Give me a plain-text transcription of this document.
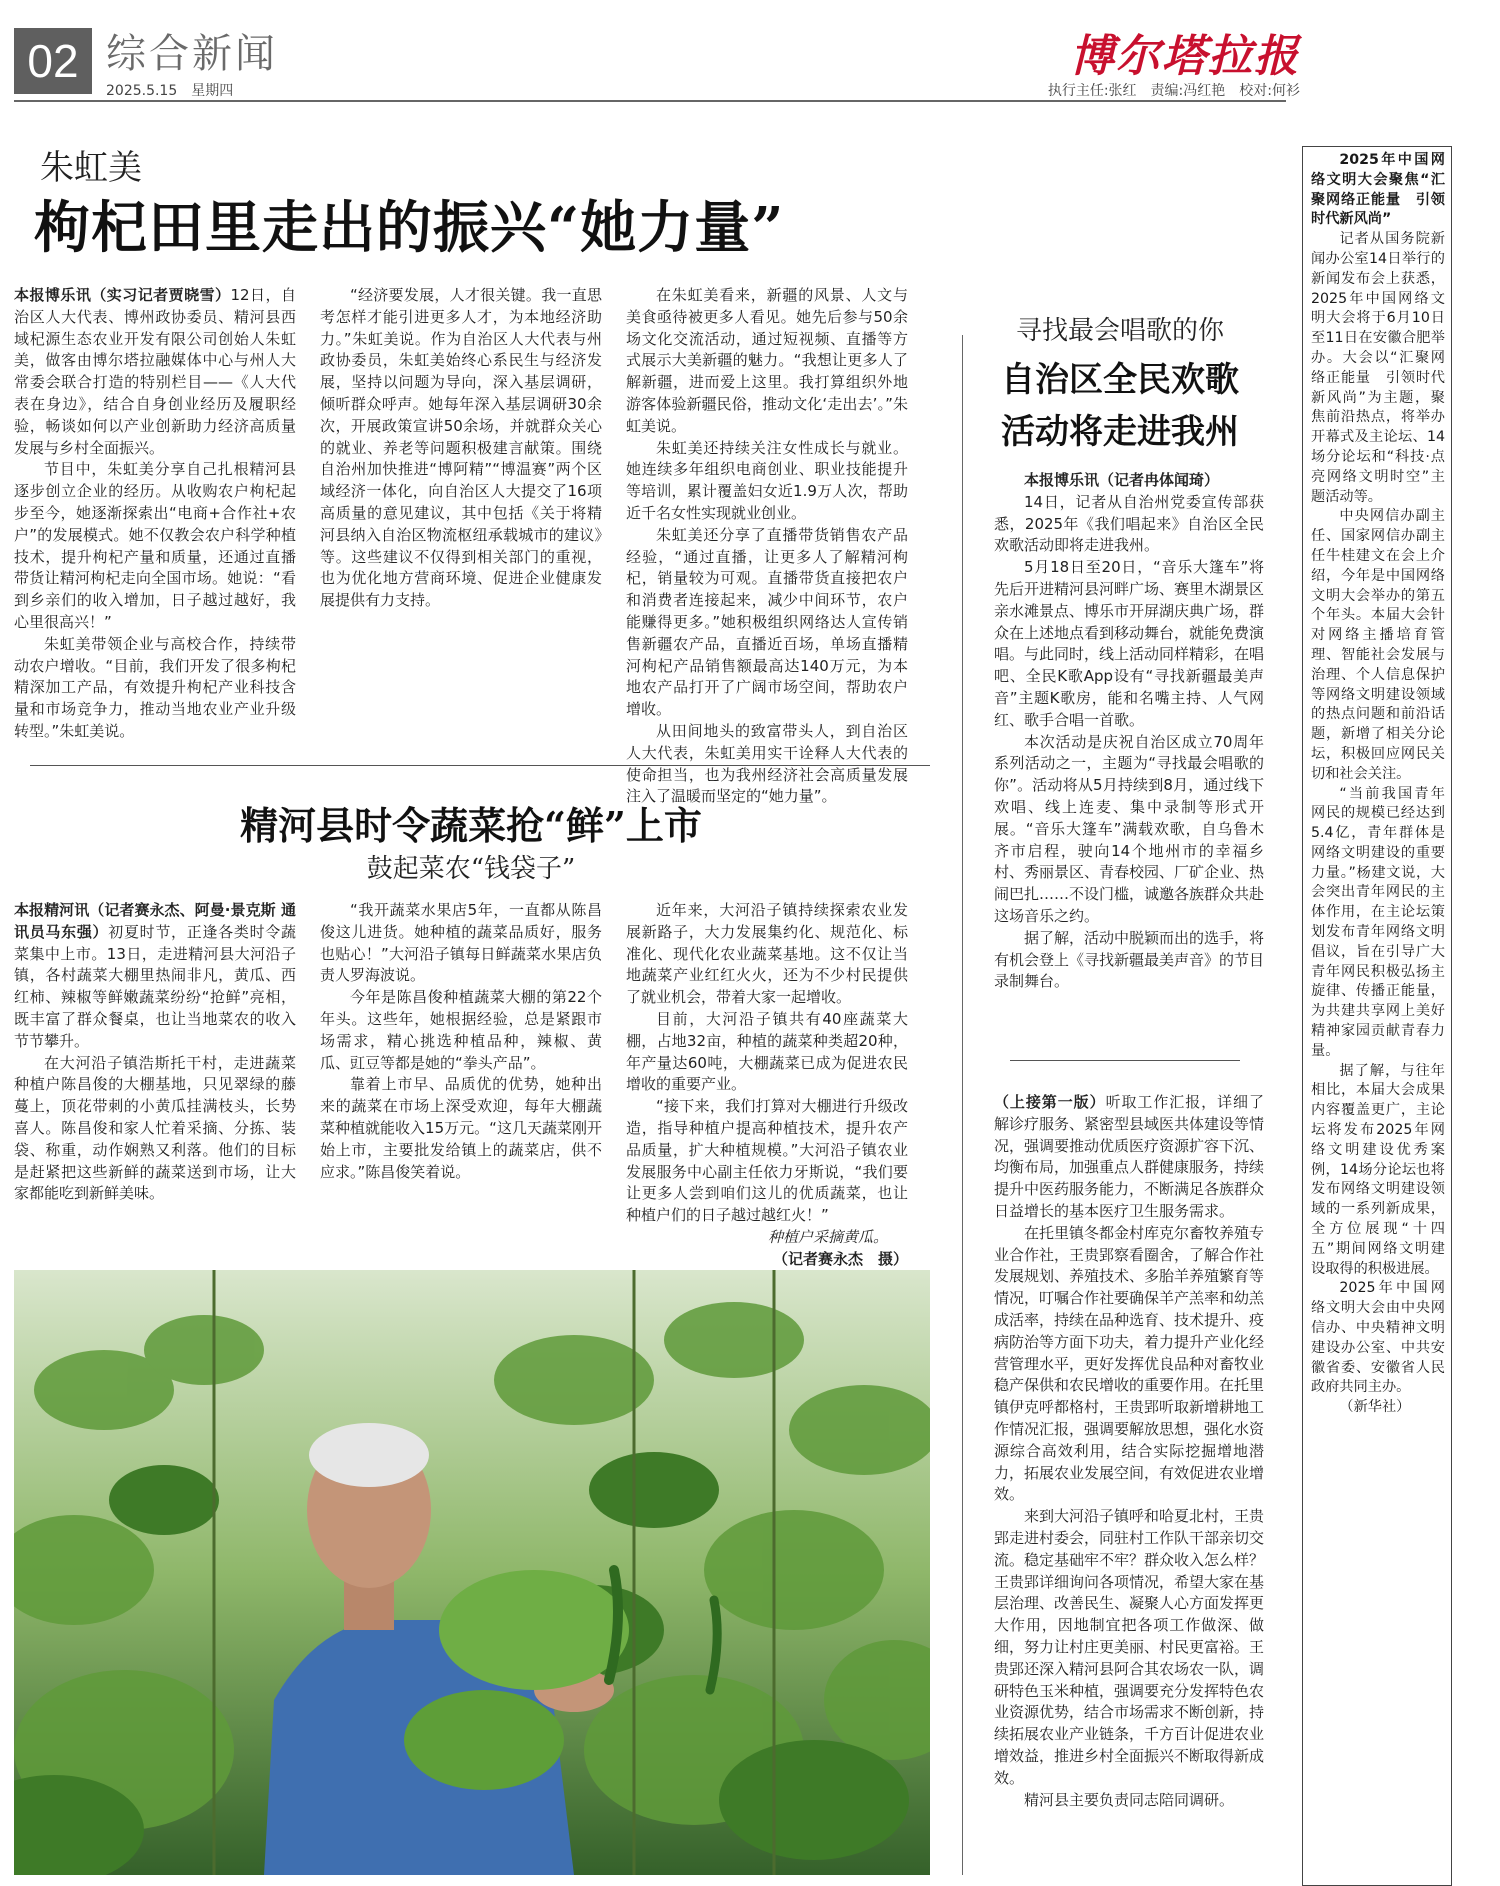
02 综合新闻
2025.5.15　星期四
博尔塔拉报
执行主任:张红　责编:冯红艳　校对:何衫
朱虹美
枸杞田里走出的振兴“她力量”

本报博乐讯（实习记者贾晓雪）12日，自治区人大代表、博州政协委员、精河县西域杞源生态农业开发有限公司创始人朱虹美，做客由博尔塔拉融媒体中心与州人大常委会联合打造的特别栏目——《人大代表在身边》，结合自身创业经历及履职经验，畅谈如何以产业创新助力经济高质量发展与乡村全面振兴。

节目中，朱虹美分享自己扎根精河县逐步创立企业的经历。从收购农户枸杞起步至今，她逐渐探索出“电商+合作社+农户”的发展模式。她不仅教会农户科学种植技术，提升枸杞产量和质量，还通过直播带货让精河枸杞走向全国市场。她说：“看到乡亲们的收入增加，日子越过越好，我心里很高兴！”

朱虹美带领企业与高校合作，持续带动农户增收。“目前，我们开发了很多枸杞精深加工产品，有效提升枸杞产业科技含量和市场竞争力，推动当地农业产业升级转型。”朱虹美说。

“经济要发展，人才很关键。我一直思考怎样才能引进更多人才，为本地经济助力。”朱虹美说。作为自治区人大代表与州政协委员，朱虹美始终心系民生与经济发展，坚持以问题为导向，深入基层调研，倾听群众呼声。她每年深入基层调研30余次，开展政策宣讲50余场，并就群众关心的就业、养老等问题积极建言献策。围绕自治州加快推进“博阿精”“博温赛”两个区域经济一体化，向自治区人大提交了16项高质量的意见建议，其中包括《关于将精河县纳入自治区物流枢纽承载城市的建议》等。这些建议不仅得到相关部门的重视，也为优化地方营商环境、促进企业健康发展提供有力支持。

在朱虹美看来，新疆的风景、人文与美食亟待被更多人看见。她先后参与50余场文化交流活动，通过短视频、直播等方式展示大美新疆的魅力。“我想让更多人了解新疆，进而爱上这里。我打算组织外地游客体验新疆民俗，推动文化‘走出去’。”朱虹美说。

朱虹美还持续关注女性成长与就业。她连续多年组织电商创业、职业技能提升等培训，累计覆盖妇女近1.9万人次，帮助近千名女性实现就业创业。

朱虹美还分享了直播带货销售农产品经验，“通过直播，让更多人了解精河枸杞，销量较为可观。直播带货直接把农户和消费者连接起来，减少中间环节，农户能赚得更多。”她积极组织网络达人宣传销售新疆农产品，直播近百场，单场直播精河枸杞产品销售额最高达140万元，为本地农产品打开了广阔市场空间，帮助农户增收。

从田间地头的致富带头人，到自治区人大代表，朱虹美用实干诠释人大代表的使命担当，也为我州经济社会高质量发展注入了温暖而坚定的“她力量”。

精河县时令蔬菜抢“鲜”上市
鼓起菜农“钱袋子”

本报精河讯（记者赛永杰、阿曼·景克斯 通讯员马东强）初夏时节，正逢各类时令蔬菜集中上市。13日，走进精河县大河沿子镇，各村蔬菜大棚里热闹非凡，黄瓜、西红柿、辣椒等鲜嫩蔬菜纷纷“抢鲜”亮相，既丰富了群众餐桌，也让当地菜农的收入节节攀升。

在大河沿子镇浩斯托干村，走进蔬菜种植户陈昌俊的大棚基地，只见翠绿的藤蔓上，顶花带刺的小黄瓜挂满枝头，长势喜人。陈昌俊和家人忙着采摘、分拣、装袋、称重，动作娴熟又利落。他们的目标是赶紧把这些新鲜的蔬菜送到市场，让大家都能吃到新鲜美味。

“我开蔬菜水果店5年，一直都从陈昌俊这儿进货。她种植的蔬菜品质好，服务也贴心！”大河沿子镇每日鲜蔬菜水果店负责人罗海波说。

今年是陈昌俊种植蔬菜大棚的第22个年头。这些年，她根据经验，总是紧跟市场需求，精心挑选种植品种，辣椒、黄瓜、豇豆等都是她的“拳头产品”。

靠着上市早、品质优的优势，她种出来的蔬菜在市场上深受欢迎，每年大棚蔬菜种植就能收入15万元。“这几天蔬菜刚开始上市，主要批发给镇上的蔬菜店，供不应求。”陈昌俊笑着说。

近年来，大河沿子镇持续探索农业发展新路子，大力发展集约化、规范化、标准化、现代化农业蔬菜基地。这不仅让当地蔬菜产业红红火火，还为不少村民提供了就业机会，带着大家一起增收。

目前，大河沿子镇共有40座蔬菜大棚，占地32亩，种植的蔬菜种类超20种，年产量达60吨，大棚蔬菜已成为促进农民增收的重要产业。

“接下来，我们打算对大棚进行升级改造，指导种植户提高种植技术，提升农产品质量，扩大种植规模。”大河沿子镇农业发展服务中心副主任依力牙斯说，“我们要让更多人尝到咱们这儿的优质蔬菜，也让种植户们的日子越过越红火！”

种植户采摘黄瓜。

（记者赛永杰　摄）

寻找最会唱歌的你
自治区全民欢歌
活动将走进我州

本报博乐讯（记者冉体闻琦）

14日，记者从自治州党委宣传部获悉，2025年《我们唱起来》自治区全民欢歌活动即将走进我州。

5月18日至20日，“音乐大篷车”将先后开进精河县河畔广场、赛里木湖景区亲水滩景点、博乐市开屏湖庆典广场，群众在上述地点看到移动舞台，就能免费演唱。与此同时，线上活动同样精彩，在唱吧、全民K歌App设有“寻找新疆最美声音”主题K歌房，能和名嘴主持、人气网红、歌手合唱一首歌。

本次活动是庆祝自治区成立70周年系列活动之一，主题为“寻找最会唱歌的你”。活动将从5月持续到8月，通过线下欢唱、线上连麦、集中录制等形式开展。“音乐大篷车”满载欢歌，自乌鲁木齐市启程，驶向14个地州市的幸福乡村、秀丽景区、青春校园、厂矿企业、热闹巴扎……不设门槛，诚邀各族群众共赴这场音乐之约。

据了解，活动中脱颖而出的选手，将有机会登上《寻找新疆最美声音》的节目录制舞台。

（上接第一版）听取工作汇报，详细了解诊疗服务、紧密型县域医共体建设等情况，强调要推动优质医疗资源扩容下沉、均衡布局，加强重点人群健康服务，持续提升中医药服务能力，不断满足各族群众日益增长的基本医疗卫生服务需求。

在托里镇冬都金村库克尔畜牧养殖专业合作社，王贵郢察看圈舍，了解合作社发展规划、养殖技术、多胎羊养殖繁育等情况，叮嘱合作社要确保羊产羔率和幼羔成活率，持续在品种选育、技术提升、疫病防治等方面下功夫，着力提升产业化经营管理水平，更好发挥优良品种对畜牧业稳产保供和农民增收的重要作用。在托里镇伊克呼都格村，王贵郢听取新增耕地工作情况汇报，强调要解放思想，强化水资源综合高效利用，结合实际挖掘增地潜力，拓展农业发展空间，有效促进农业增效。

来到大河沿子镇呼和哈夏北村，王贵郢走进村委会，同驻村工作队干部亲切交流。稳定基础牢不牢？群众收入怎么样？王贵郢详细询问各项情况，希望大家在基层治理、改善民生、凝聚人心方面发挥更大作用，因地制宜把各项工作做深、做细，努力让村庄更美丽、村民更富裕。王贵郢还深入精河县阿合其农场农一队，调研特色玉米种植，强调要充分发挥特色农业资源优势，结合市场需求不断创新，持续拓展农业产业链条，千方百计促进农业增效益，推进乡村全面振兴不断取得新成效。

精河县主要负责同志陪同调研。

2025年中国网络文明大会聚焦“汇聚网络正能量　引领时代新风尚”

记者从国务院新闻办公室14日举行的新闻发布会上获悉，2025年中国网络文明大会将于6月10日至11日在安徽合肥举办。大会以“汇聚网络正能量　引领时代新风尚”为主题，聚焦前沿热点，将举办开幕式及主论坛、14场分论坛和“科技·点亮网络文明时空”主题活动等。

中央网信办副主任、国家网信办副主任牛桂建文在会上介绍，今年是中国网络文明大会举办的第五个年头。本届大会针对网络主播培育管理、智能社会发展与治理、个人信息保护等网络文明建设领域的热点问题和前沿话题，新增了相关分论坛，积极回应网民关切和社会关注。

“当前我国青年网民的规模已经达到5.4亿，青年群体是网络文明建设的重要力量。”杨建文说，大会突出青年网民的主体作用，在主论坛策划发布青年网络文明倡议，旨在引导广大青年网民积极弘扬主旋律、传播正能量，为共建共享网上美好精神家园贡献青春力量。

据了解，与往年相比，本届大会成果内容覆盖更广，主论坛将发布2025年网络文明建设优秀案例，14场分论坛也将发布网络文明建设领域的一系列新成果，全方位展现“十四五”期间网络文明建设取得的积极进展。

2025年中国网络文明大会由中央网信办、中央精神文明建设办公室、中共安徽省委、安徽省人民政府共同主办。

（新华社）
